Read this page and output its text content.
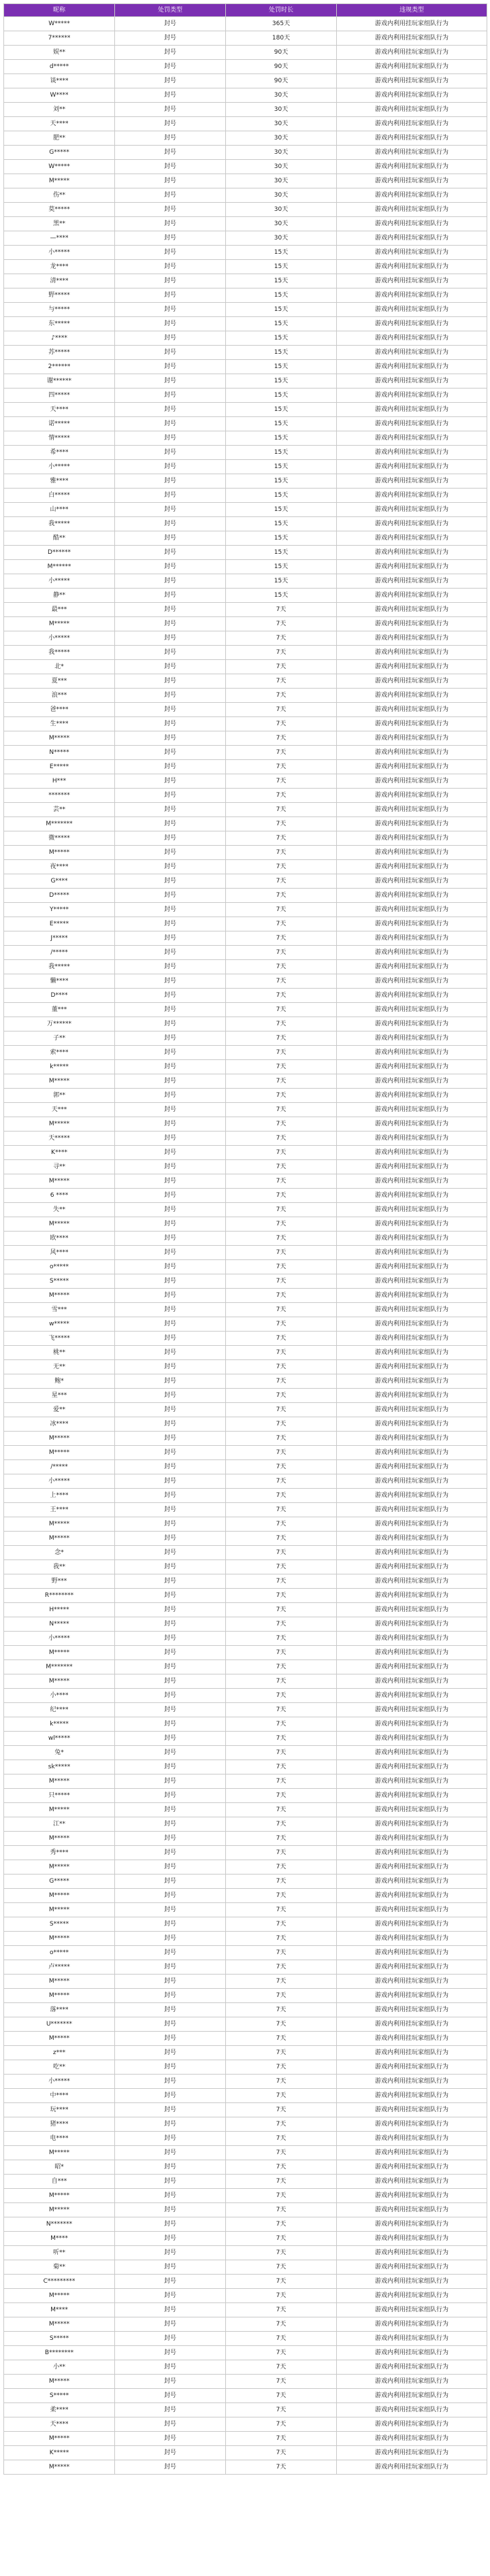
昵称	处罚类型	处罚时长	违规类型
W*****	封号	365天	游戏内利用挂玩家组队行为
7******	封号	180天	游戏内利用挂玩家组队行为
娱**	封号	90天	游戏内利用挂玩家组队行为
d*****	封号	90天	游戏内利用挂玩家组队行为
谈****	封号	90天	游戏内利用挂玩家组队行为
W****	封号	30天	游戏内利用挂玩家组队行为
刘**	封号	30天	游戏内利用挂玩家组队行为
天****	封号	30天	游戏内利用挂玩家组队行为
肥**	封号	30天	游戏内利用挂玩家组队行为
G*****	封号	30天	游戏内利用挂玩家组队行为
W*****	封号	30天	游戏内利用挂玩家组队行为
M*****	封号	30天	游戏内利用挂玩家组队行为
伤**	封号	30天	游戏内利用挂玩家组队行为
莫*****	封号	30天	游戏内利用挂玩家组队行为
黑**	封号	30天	游戏内利用挂玩家组队行为
—****	封号	30天	游戏内利用挂玩家组队行为
小*****	封号	15天	游戏内利用挂玩家组队行为
龙****	封号	15天	游戏内利用挂玩家组队行为
清****	封号	15天	游戏内利用挂玩家组队行为
野*****	封号	15天	游戏内利用挂玩家组队行为
与*****	封号	15天	游戏内利用挂玩家组队行为
东*****	封号	15天	游戏内利用挂玩家组队行为
♪****	封号	15天	游戏内利用挂玩家组队行为
苏*****	封号	15天	游戏内利用挂玩家组队行为
2******	封号	15天	游戏内利用挂玩家组队行为
谢******	封号	15天	游戏内利用挂玩家组队行为
四*****	封号	15天	游戏内利用挂玩家组队行为
天****	封号	15天	游戏内利用挂玩家组队行为
诺*****	封号	15天	游戏内利用挂玩家组队行为
情*****	封号	15天	游戏内利用挂玩家组队行为
希****	封号	15天	游戏内利用挂玩家组队行为
小*****	封号	15天	游戏内利用挂玩家组队行为
雅****	封号	15天	游戏内利用挂玩家组队行为
白*****	封号	15天	游戏内利用挂玩家组队行为
山****	封号	15天	游戏内利用挂玩家组队行为
我*****	封号	15天	游戏内利用挂玩家组队行为
酷**	封号	15天	游戏内利用挂玩家组队行为
D******	封号	15天	游戏内利用挂玩家组队行为
M******	封号	15天	游戏内利用挂玩家组队行为
小*****	封号	15天	游戏内利用挂玩家组队行为
静**	封号	15天	游戏内利用挂玩家组队行为
最***	封号	7天	游戏内利用挂玩家组队行为
M*****	封号	7天	游戏内利用挂玩家组队行为
小*****	封号	7天	游戏内利用挂玩家组队行为
我*****	封号	7天	游戏内利用挂玩家组队行为
北*	封号	7天	游戏内利用挂玩家组队行为
夏***	封号	7天	游戏内利用挂玩家组队行为
浪***	封号	7天	游戏内利用挂玩家组队行为
爸****	封号	7天	游戏内利用挂玩家组队行为
生****	封号	7天	游戏内利用挂玩家组队行为
M*****	封号	7天	游戏内利用挂玩家组队行为
N*****	封号	7天	游戏内利用挂玩家组队行为
E*****	封号	7天	游戏内利用挂玩家组队行为
H***	封号	7天	游戏内利用挂玩家组队行为
*******	封号	7天	游戏内利用挂玩家组队行为
芸**	封号	7天	游戏内利用挂玩家组队行为
M*******	封号	7天	游戏内利用挂玩家组队行为
微*****	封号	7天	游戏内利用挂玩家组队行为
M*****	封号	7天	游戏内利用挂玩家组队行为
夜****	封号	7天	游戏内利用挂玩家组队行为
G****	封号	7天	游戏内利用挂玩家组队行为
D*****	封号	7天	游戏内利用挂玩家组队行为
Y*****	封号	7天	游戏内利用挂玩家组队行为
E*****	封号	7天	游戏内利用挂玩家组队行为
J*****	封号	7天	游戏内利用挂玩家组队行为
/*****	封号	7天	游戏内利用挂玩家组队行为
我*****	封号	7天	游戏内利用挂玩家组队行为
懒****	封号	7天	游戏内利用挂玩家组队行为
D****	封号	7天	游戏内利用挂玩家组队行为
董***	封号	7天	游戏内利用挂玩家组队行为
万******	封号	7天	游戏内利用挂玩家组队行为
子**	封号	7天	游戏内利用挂玩家组队行为
索****	封号	7天	游戏内利用挂玩家组队行为
k*****	封号	7天	游戏内利用挂玩家组队行为
M*****	封号	7天	游戏内利用挂玩家组队行为
郭**	封号	7天	游戏内利用挂玩家组队行为
天***	封号	7天	游戏内利用挂玩家组队行为
M*****	封号	7天	游戏内利用挂玩家组队行为
天*****	封号	7天	游戏内利用挂玩家组队行为
K****	封号	7天	游戏内利用挂玩家组队行为
寻**	封号	7天	游戏内利用挂玩家组队行为
M*****	封号	7天	游戏内利用挂玩家组队行为
6 ****	封号	7天	游戏内利用挂玩家组队行为
失**	封号	7天	游戏内利用挂玩家组队行为
M*****	封号	7天	游戏内利用挂玩家组队行为
欧****	封号	7天	游戏内利用挂玩家组队行为
风****	封号	7天	游戏内利用挂玩家组队行为
o*****	封号	7天	游戏内利用挂玩家组队行为
S*****	封号	7天	游戏内利用挂玩家组队行为
M*****	封号	7天	游戏内利用挂玩家组队行为
雪***	封号	7天	游戏内利用挂玩家组队行为
w*****	封号	7天	游戏内利用挂玩家组队行为
飞*****	封号	7天	游戏内利用挂玩家组队行为
桃**	封号	7天	游戏内利用挂玩家组队行为
无**	封号	7天	游戏内利用挂玩家组队行为
鲍*	封号	7天	游戏内利用挂玩家组队行为
星***	封号	7天	游戏内利用挂玩家组队行为
爱**	封号	7天	游戏内利用挂玩家组队行为
冰****	封号	7天	游戏内利用挂玩家组队行为
M*****	封号	7天	游戏内利用挂玩家组队行为
M*****	封号	7天	游戏内利用挂玩家组队行为
/*****	封号	7天	游戏内利用挂玩家组队行为
小*****	封号	7天	游戏内利用挂玩家组队行为
上****	封号	7天	游戏内利用挂玩家组队行为
王****	封号	7天	游戏内利用挂玩家组队行为
M*****	封号	7天	游戏内利用挂玩家组队行为
M*****	封号	7天	游戏内利用挂玩家组队行为
念*	封号	7天	游戏内利用挂玩家组队行为
我**	封号	7天	游戏内利用挂玩家组队行为
野***	封号	7天	游戏内利用挂玩家组队行为
R********	封号	7天	游戏内利用挂玩家组队行为
H*****	封号	7天	游戏内利用挂玩家组队行为
N*****	封号	7天	游戏内利用挂玩家组队行为
小*****	封号	7天	游戏内利用挂玩家组队行为
M*****	封号	7天	游戏内利用挂玩家组队行为
M*******	封号	7天	游戏内利用挂玩家组队行为
M*****	封号	7天	游戏内利用挂玩家组队行为
小****	封号	7天	游戏内利用挂玩家组队行为
纪****	封号	7天	游戏内利用挂玩家组队行为
k*****	封号	7天	游戏内利用挂玩家组队行为
wl*****	封号	7天	游戏内利用挂玩家组队行为
兔*	封号	7天	游戏内利用挂玩家组队行为
sk*****	封号	7天	游戏内利用挂玩家组队行为
M*****	封号	7天	游戏内利用挂玩家组队行为
只*****	封号	7天	游戏内利用挂玩家组队行为
M*****	封号	7天	游戏内利用挂玩家组队行为
江**	封号	7天	游戏内利用挂玩家组队行为
M*****	封号	7天	游戏内利用挂玩家组队行为
秀****	封号	7天	游戏内利用挂玩家组队行为
M*****	封号	7天	游戏内利用挂玩家组队行为
G*****	封号	7天	游戏内利用挂玩家组队行为
M*****	封号	7天	游戏内利用挂玩家组队行为
M*****	封号	7天	游戏内利用挂玩家组队行为
S*****	封号	7天	游戏内利用挂玩家组队行为
M*****	封号	7天	游戏内利用挂玩家组队行为
o*****	封号	7天	游戏内利用挂玩家组队行为
卢*****	封号	7天	游戏内利用挂玩家组队行为
M*****	封号	7天	游戏内利用挂玩家组队行为
M*****	封号	7天	游戏内利用挂玩家组队行为
落****	封号	7天	游戏内利用挂玩家组队行为
U*******	封号	7天	游戏内利用挂玩家组队行为
M*****	封号	7天	游戏内利用挂玩家组队行为
z***	封号	7天	游戏内利用挂玩家组队行为
吃**	封号	7天	游戏内利用挂玩家组队行为
小*****	封号	7天	游戏内利用挂玩家组队行为
中****	封号	7天	游戏内利用挂玩家组队行为
玩****	封号	7天	游戏内利用挂玩家组队行为
猪****	封号	7天	游戏内利用挂玩家组队行为
电****	封号	7天	游戏内利用挂玩家组队行为
M*****	封号	7天	游戏内利用挂玩家组队行为
昭*	封号	7天	游戏内利用挂玩家组队行为
自***	封号	7天	游戏内利用挂玩家组队行为
M*****	封号	7天	游戏内利用挂玩家组队行为
M*****	封号	7天	游戏内利用挂玩家组队行为
N*******	封号	7天	游戏内利用挂玩家组队行为
M****	封号	7天	游戏内利用挂玩家组队行为
听**	封号	7天	游戏内利用挂玩家组队行为
菊**	封号	7天	游戏内利用挂玩家组队行为
C*********	封号	7天	游戏内利用挂玩家组队行为
M*****	封号	7天	游戏内利用挂玩家组队行为
M****	封号	7天	游戏内利用挂玩家组队行为
M*****	封号	7天	游戏内利用挂玩家组队行为
S*****	封号	7天	游戏内利用挂玩家组队行为
B********	封号	7天	游戏内利用挂玩家组队行为
小**	封号	7天	游戏内利用挂玩家组队行为
M*****	封号	7天	游戏内利用挂玩家组队行为
S*****	封号	7天	游戏内利用挂玩家组队行为
柔****	封号	7天	游戏内利用挂玩家组队行为
天****	封号	7天	游戏内利用挂玩家组队行为
M*****	封号	7天	游戏内利用挂玩家组队行为
K*****	封号	7天	游戏内利用挂玩家组队行为
M*****	封号	7天	游戏内利用挂玩家组队行为
